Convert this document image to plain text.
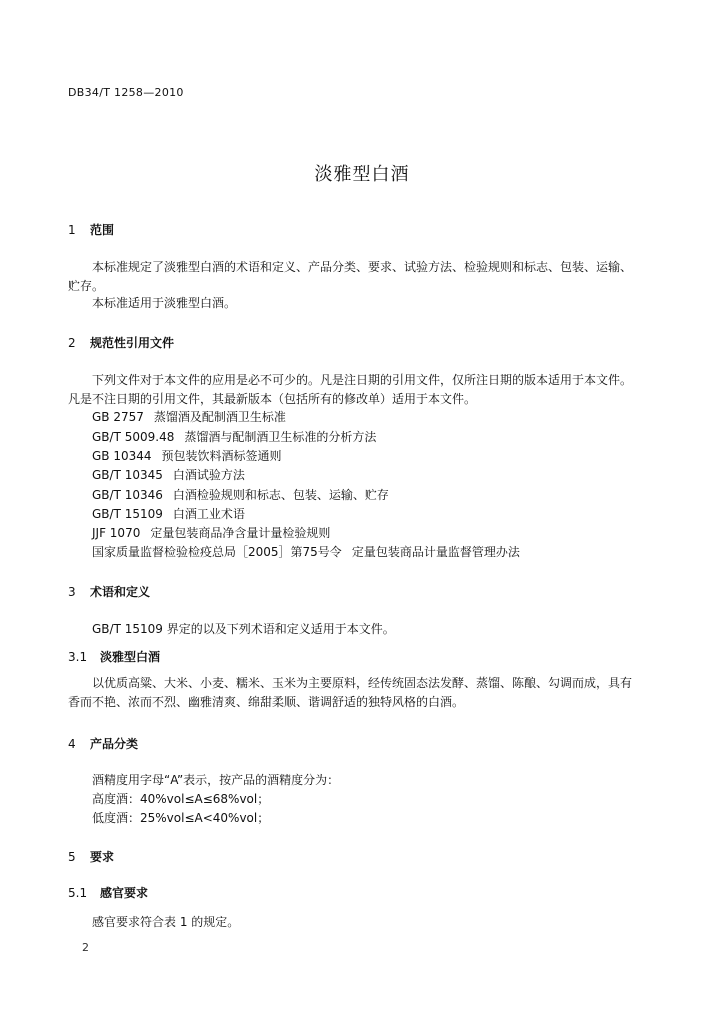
DB34/T 1258—2010
淡雅型白酒
1 范围

本标准规定了淡雅型白酒的术语和定义、产品分类、要求、试验方法、检验规则和标志、包装、运输、贮存。

本标准适用于淡雅型白酒。

2 规范性引用文件

下列文件对于本文件的应用是必不可少的。凡是注日期的引用文件，仅所注日期的版本适用于本文件。凡是不注日期的引用文件，其最新版本（包括所有的修改单）适用于本文件。

GB 2757 蒸馏酒及配制酒卫生标准
GB/T 5009.48 蒸馏酒与配制酒卫生标准的分析方法
GB 10344 预包装饮料酒标签通则
GB/T 10345 白酒试验方法
GB/T 10346 白酒检验规则和标志、包装、运输、贮存
GB/T 15109 白酒工业术语
JJF 1070 定量包装商品净含量计量检验规则
国家质量监督检验检疫总局［2005］第75号令 定量包装商品计量监督管理办法
3 术语和定义
GB/T 15109 界定的以及下列术语和定义适用于本文件。
3.1 淡雅型白酒

以优质高粱、大米、小麦、糯米、玉米为主要原料，经传统固态法发酵、蒸馏、陈酿、勾调而成，具有香而不艳、浓而不烈、幽雅清爽、绵甜柔顺、谐调舒适的独特风格的白酒。

4 产品分类
酒精度用字母“A”表示，按产品的酒精度分为：
高度酒：40%vol≤A≤68%vol；
低度酒：25%vol≤A<40%vol；
5 要求
5.1 感官要求
感官要求符合表 1 的规定。
2
